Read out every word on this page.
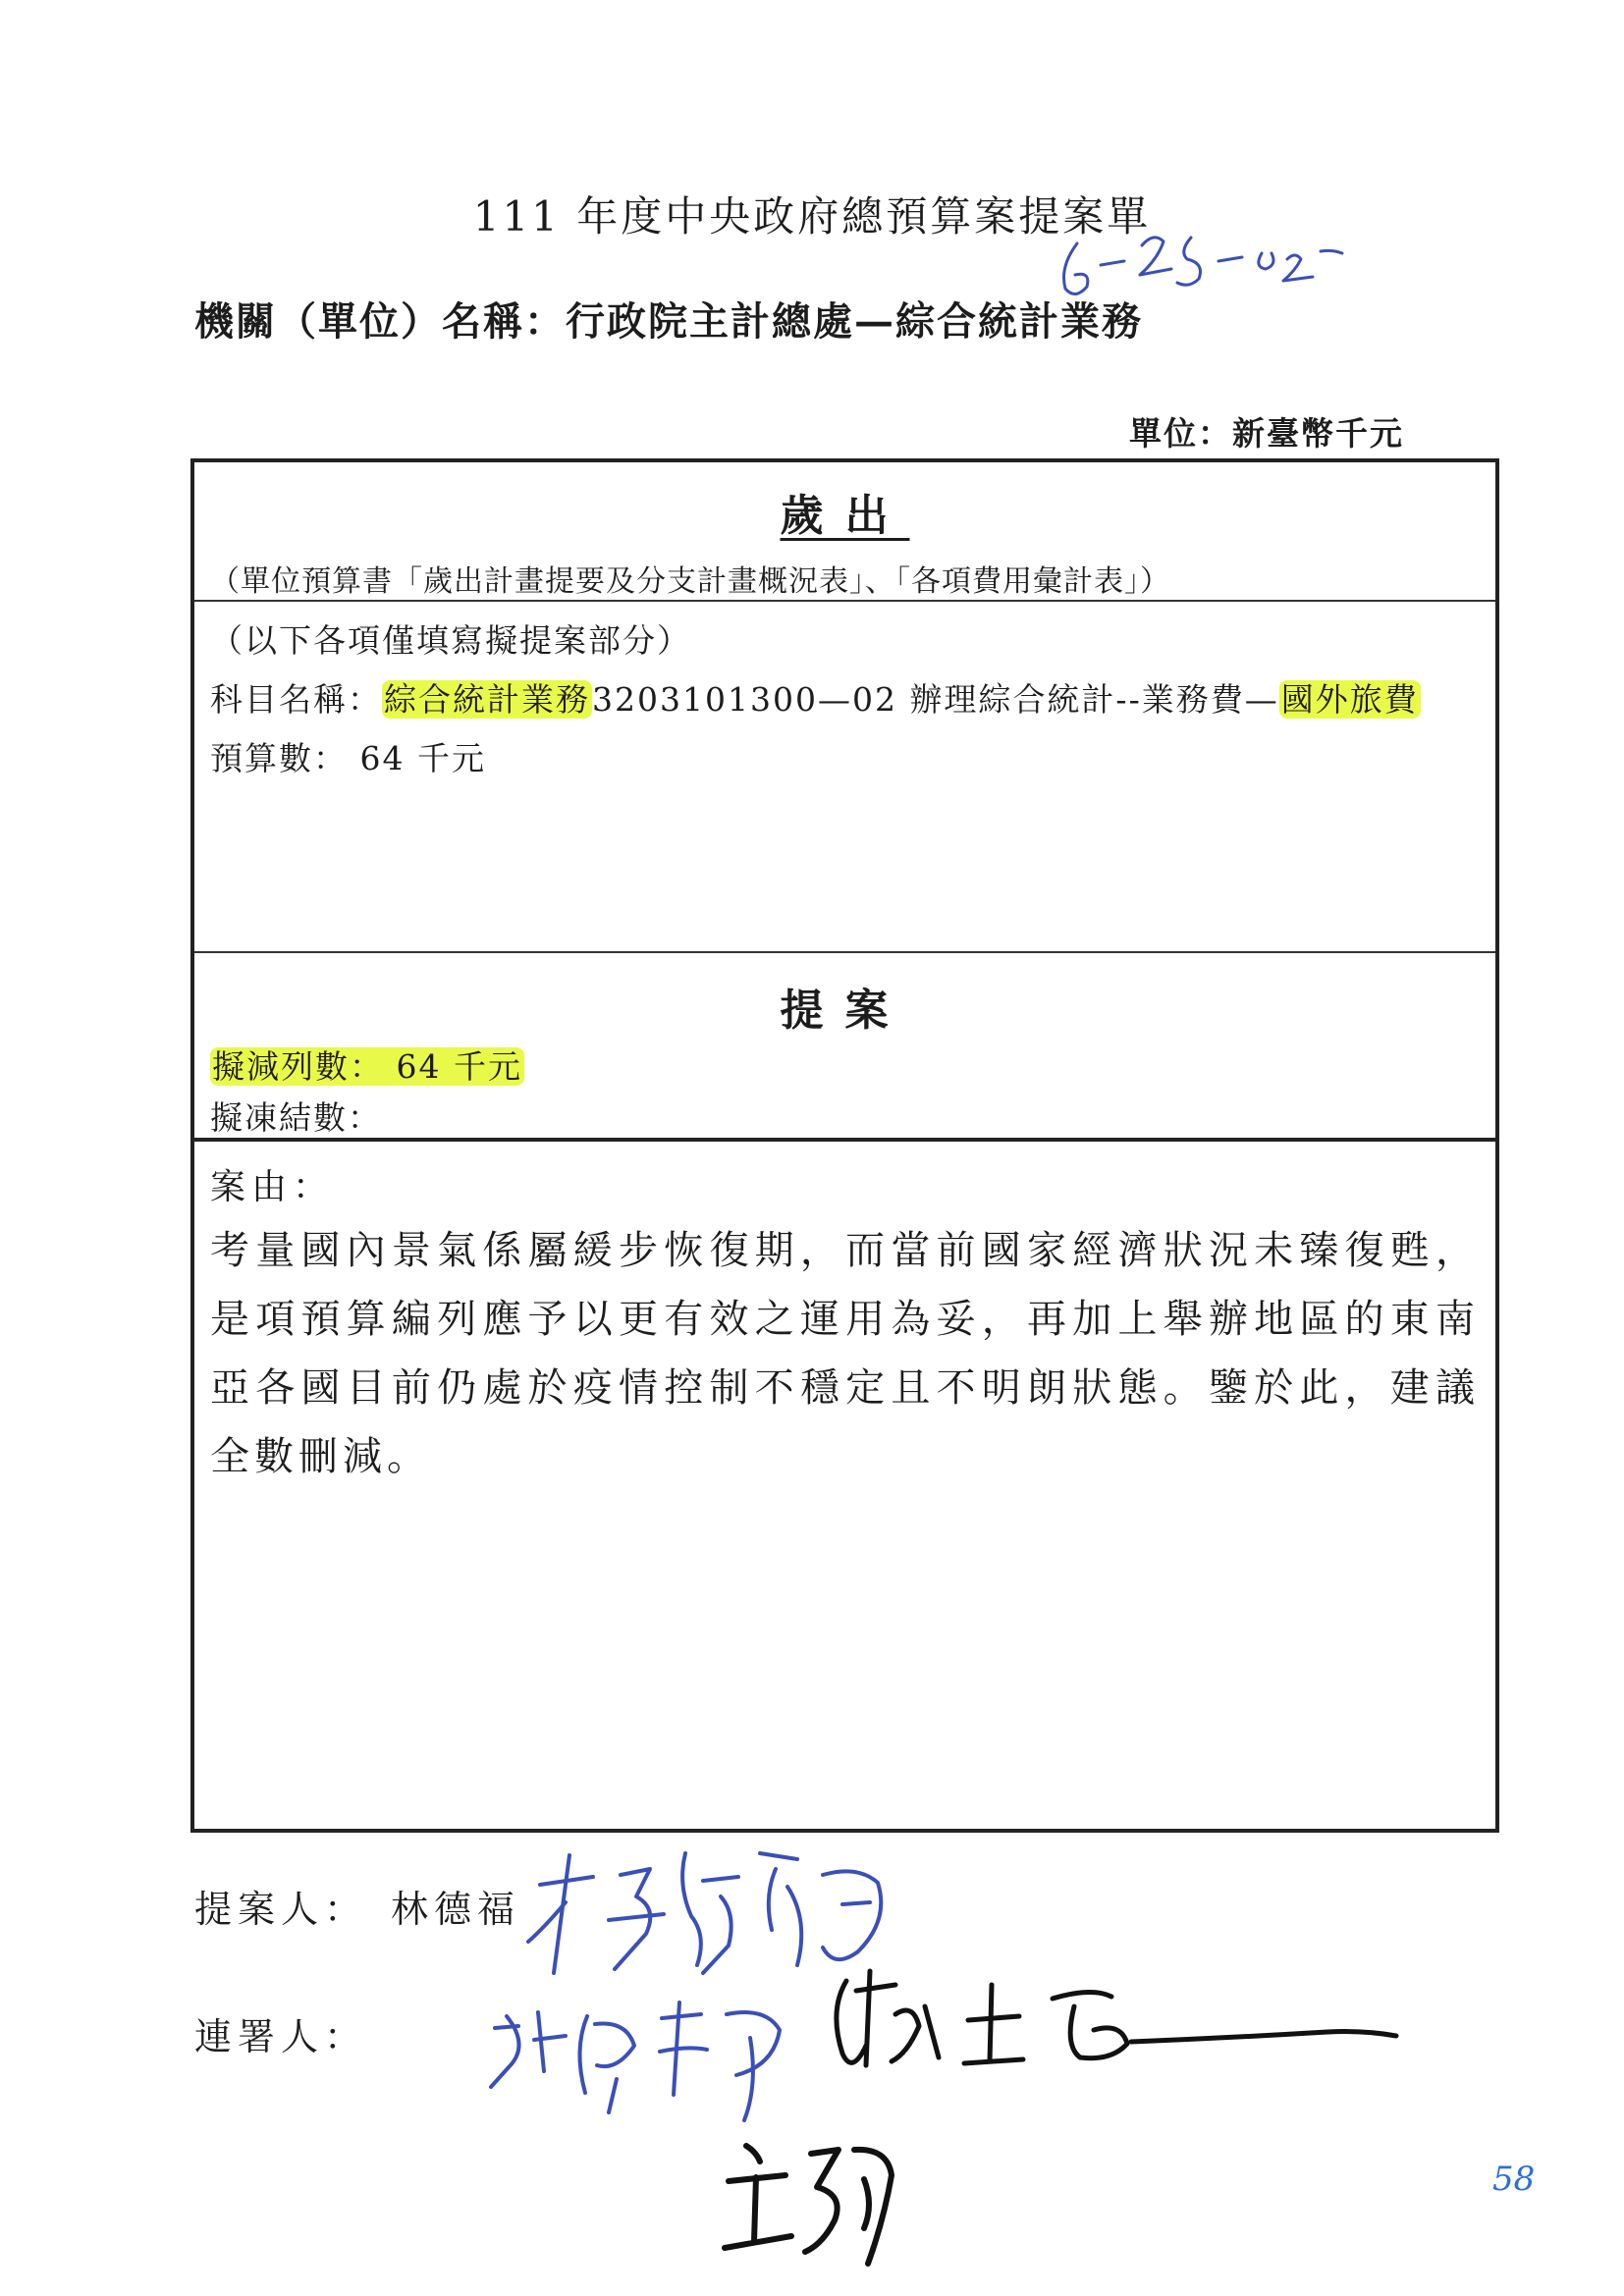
111 年度中央政府總預算案提案單
機關（單位）名稱：行政院主計總處—綜合統計業務
單位：新臺幣千元
歲出
（單位預算書「歲出計畫提要及分支計畫概況表」、「各項費用彙計表」）
（以下各項僅填寫擬提案部分）
科目名稱：綜合統計業務3203101300—02 辦理綜合統計--業務費—國外旅費
預算數： 64 千元
提案
擬減列數： 64 千元
擬凍結數：
案由：
考量國內景氣係屬緩步恢復期，而當前國家經濟狀況未臻復甦，是項預算編列應予以更有效之運用為妥，再加上舉辦地區的東南亞各國目前仍處於疫情控制不穩定且不明朗狀態。鑒於此，建議全數刪減。
提案人： 林德福
連署人：
58
